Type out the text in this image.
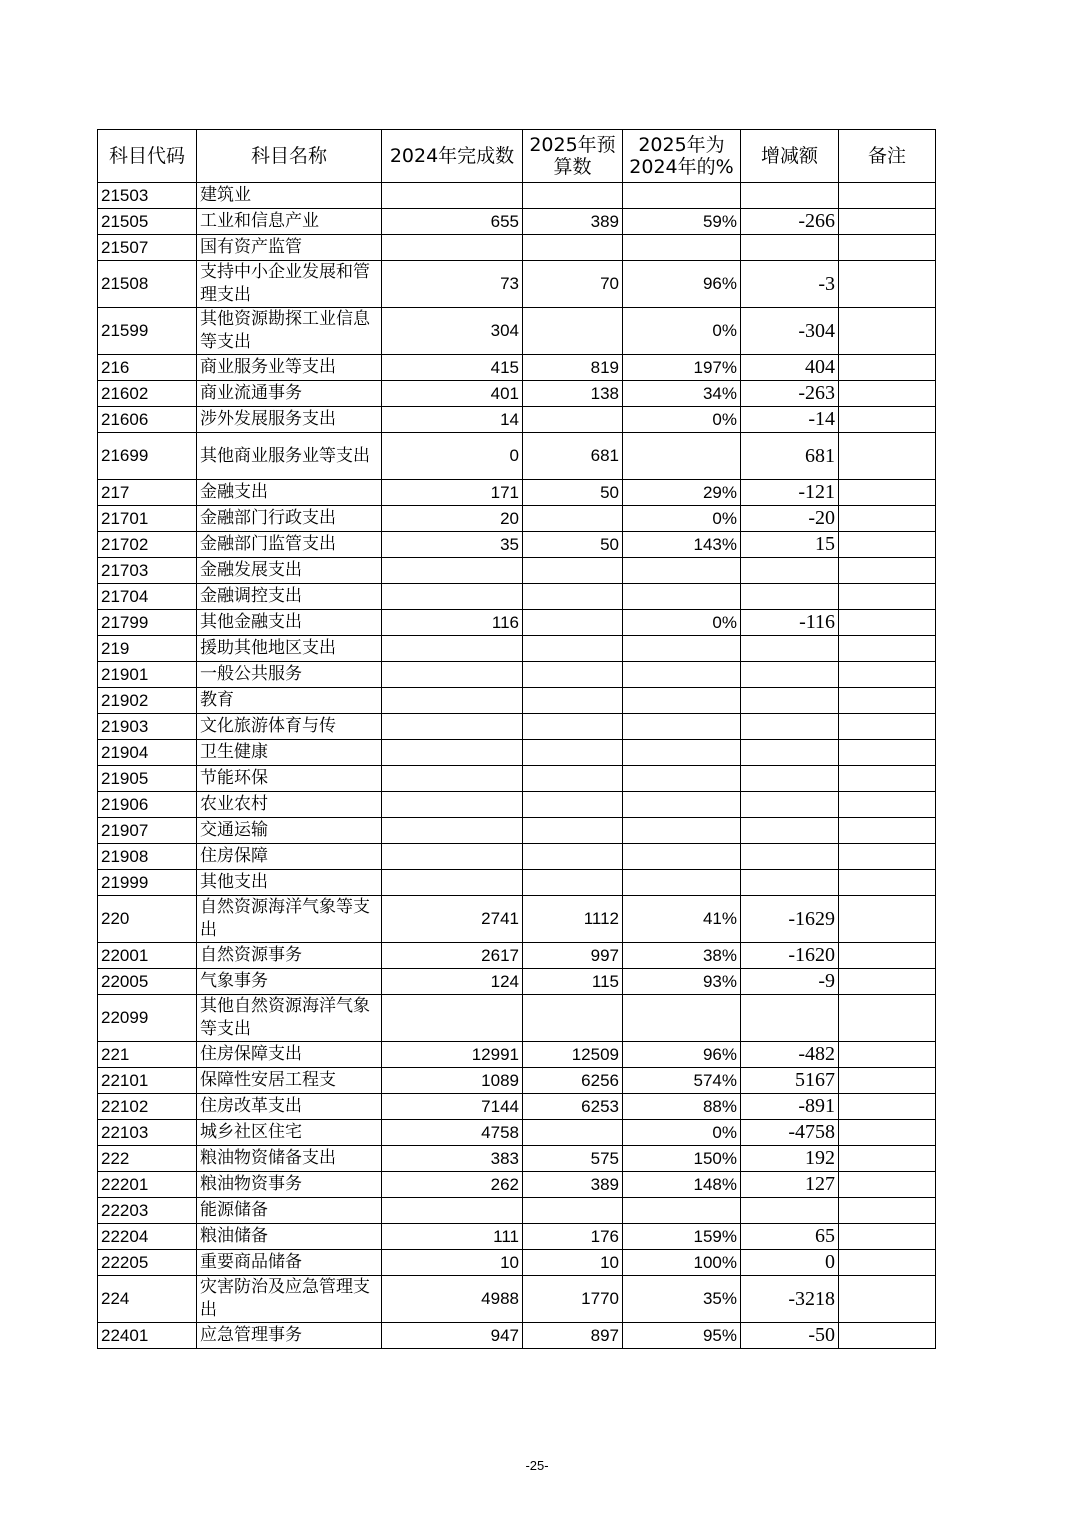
科目代码	科目名称	2024年完成数	2025年预算数	2025年为2024年的%	增减额	备注
21503	建筑业					
21505	工业和信息产业	655	389	59%	-266	
21507	国有资产监管					
21508	支持中小企业发展和管理支出	73	70	96%	-3	
21599	其他资源勘探工业信息等支出	304		0%	-304	
216	商业服务业等支出	415	819	197%	404	
21602	商业流通事务	401	138	34%	-263	
21606	涉外发展服务支出	14		0%	-14	
21699	其他商业服务业等支出	0	681		681	
217	金融支出	171	50	29%	-121	
21701	金融部门行政支出	20		0%	-20	
21702	金融部门监管支出	35	50	143%	15	
21703	金融发展支出					
21704	金融调控支出					
21799	其他金融支出	116		0%	-116	
219	援助其他地区支出					
21901	一般公共服务					
21902	教育					
21903	文化旅游体育与传					
21904	卫生健康					
21905	节能环保					
21906	农业农村					
21907	交通运输					
21908	住房保障					
21999	其他支出					
220	自然资源海洋气象等支出	2741	1112	41%	-1629	
22001	自然资源事务	2617	997	38%	-1620	
22005	气象事务	124	115	93%	-9	
22099	其他自然资源海洋气象等支出					
221	住房保障支出	12991	12509	96%	-482	
22101	保障性安居工程支	1089	6256	574%	5167	
22102	住房改革支出	7144	6253	88%	-891	
22103	城乡社区住宅	4758		0%	-4758	
222	粮油物资储备支出	383	575	150%	192	
22201	粮油物资事务	262	389	148%	127	
22203	能源储备					
22204	粮油储备	111	176	159%	65	
22205	重要商品储备	10	10	100%	0	
224	灾害防治及应急管理支出	4988	1770	35%	-3218	
22401	应急管理事务	947	897	95%	-50	
-25-
